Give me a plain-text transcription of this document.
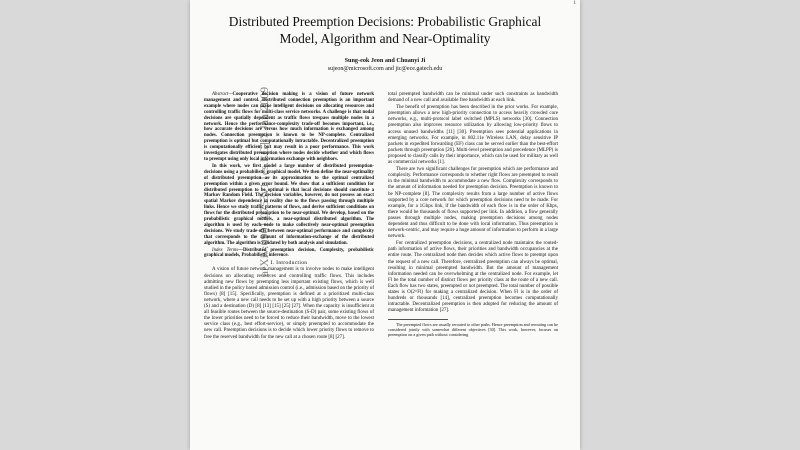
arXiv:0901.0753v1 [cs.LG] 7 Jan 2009
1
Distributed Preemption Decisions: Probabilistic Graphical Model, Algorithm and Near-Optimality
Sung-eok Jeon and Chuanyi Ji
sujeon@microsoft.com and jic@ece.gatech.edu

Abstract—Cooperative decision making is a vision of future network management and control. Distributed connection preemption is an important example where nodes can make intelligent decisions on allocating resources and controlling traffic flows for multi-class service networks. A challenge is that nodal decisions are spatially dependent as traffic flows trespass multiple nodes in a network. Hence the performance-complexity trade-off becomes important, i.e., how accurate decisions are versus how much information is exchanged among nodes. Connection preemption is known to be NP-complete. Centralized preemption is optimal but computationally intractable. Decentralized preemption is computationally efficient but may result in a poor performance. This work investigates distributed preemption where nodes decide whether and which flows to preempt using only local information exchange with neighbors.

In this work, we first model a large number of distributed preemption-decisions using a probabilistic graphical model. We then define the near-optimality of distributed preemption as its approximation to the optimal centralized preemption within a given error bound. We show that a sufficient condition for distributed preemption to be optimal is that local decisions should constitute a Markov Random Field. The decision variables, however, do not possess an exact spatial Markov dependence in reality due to the flows passing through multiple links. Hence we study traffic patterns of flows, and derive sufficient conditions on flows for the distributed preemption to be near-optimal. We develop, based on the probabilistic graphical models, a near-optimal distributed algorithm. The algorithm is used by each node to make collectively near-optimal preemption decisions. We study trade-offs between near-optimal performance and complexity that corresponds to the amount of information-exchange of the distributed algorithm. The algorithm is validated by both analysis and simulation.

Index Terms—Distributed preemption decision, Complexity, probabilistic graphical models, Probabilistic inference.

I. Introduction

A vision of future network management is to involve nodes to make intelligent decisions on allocating resources and controlling traffic flows. This includes admitting new flows by preempting less important existing flows, which is well studied in the policy based admission control (i.e., admission based on the priority of flows) [8] [15]. Specifically, preemption is defined at a prioritized multi-class network, where a new call needs to be set up with a high priority between a source (S) and a destination (D) [8] [13] [15] [25] [27]. When the capacity is insufficient at all feasible routes between the source-destination (S-D) pair, some existing flows of the lower priorities need to be forced to reduce their bandwidth, move to the lowest service class (e.g., best effort-service), or simply preempted to accommodate the new call. Preemption decisions is to decide which lower priority flows to remove to free the reserved bandwidth for the new call at a chosen route [8] [27].

total preempted bandwidth can be minimal under such constraints as bandwidth demand of a new call and available free bandwidth at each link.

The benefit of preemption has been described in the prior works. For example, preemption allows a new high-priority connection to access heavily crowded core networks, e.g., multi-protocol label switched (MPLS) networks [30]. Connection preemption also improves resource utilization by allowing low-priority flows to access unused bandwidths [11] [30]. Preemption sees potential applications in emerging networks. For example, in 802.11e Wireless LAN, delay sensitive IP packets in expedited forwarding (EF) class can be served earlier than the best-effort packets through preemption [26]. Multi-level preemption and precedence (MLPP) is proposed to classify calls by their importance, which can be used for military as well as commercial networks [1].

There are two significant challenges for preemption which are performance and complexity. Performance corresponds to whether right flows are preempted to result in the minimal bandwidth to accommodate a new flow. Complexity corresponds to the amount of information needed for preemption decision. Preemption is known to be NP-complete [8]. The complexity results from a large number of active flows supported by a core network for which preemption decisions need to be made. For example, for a 1Gbps link, if the bandwidth of each flow is in the order of Kbps, there would be thousands of flows supported per link. In addition, a flow generally passes through multiple nodes, making preemption decisions among nodes dependent and thus difficult to be done with local information. Thus preemption is network-centric, and may require a huge amount of information to perform in a large network.

For centralized preemption decisions, a centralized node maintains the routed-path information of active flows, their priorities and bandwidth occupancies at the entire route. The centralized node then decides which active flows to preempt upon the request of a new call. Therefore, centralized preemption can always be optimal, resulting in minimal preempted bandwidth. But the amount of management information needed can be overwhelming at the centralized node. For example, let Fl be the total number of distinct flows per priority class at the route of a new call. Each flow has two states, preempted or not preempted. The total number of possible states is O(2^Fl) for making a centralized decision. When Fl is in the order of hundreds or thousands [14], centralized preemption becomes computationally intractable. Decentralized preemption is then adopted for reducing the amount of management information [27].

The preempted flows are usually rerouted to other paths. Hence preemption and rerouting can be considered jointly with somewhat different objectives [30]. This work, however, focuses on preemption on a given path without considering
